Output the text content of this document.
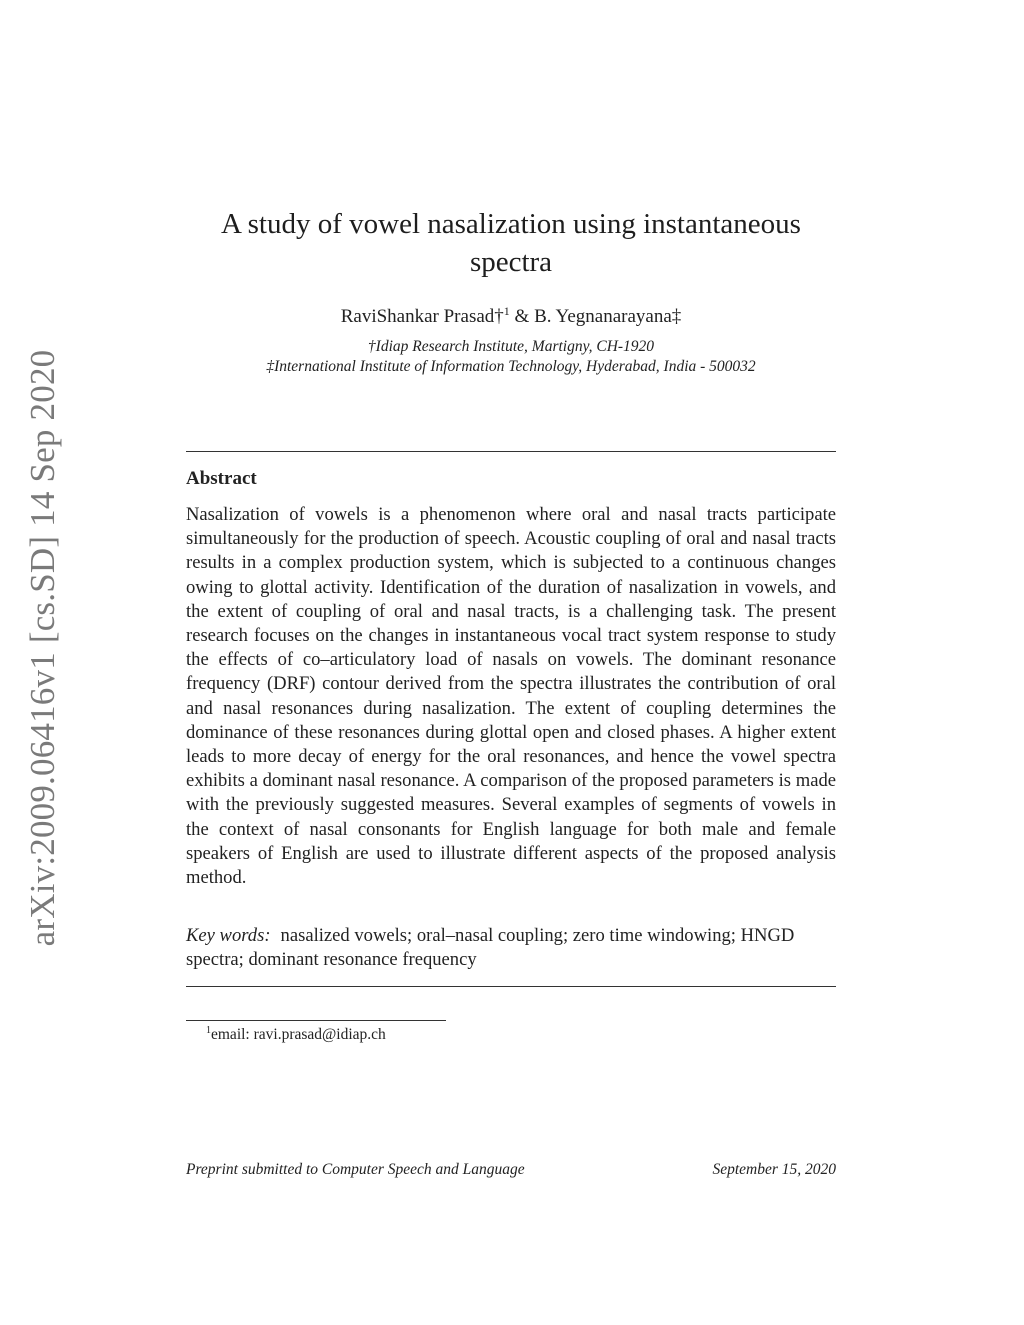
arXiv:2009.06416v1 [cs.SD] 14 Sep 2020
A study of vowel nasalization using instantaneous
spectra
RaviShankar Prasad†$^1$ & B. Yegnanarayana‡
†Idiap Research Institute, Martigny, CH-1920
‡International Institute of Information Technology, Hyderabad, India - 500032
Abstract
Nasalization of vowels is a phenomenon where oral and nasal tracts participate simultaneously for the production of speech. Acoustic coupling of oral and nasal tracts results in a complex production system, which is subjected to a continuous changes owing to glottal activity. Identification of the duration of nasalization in vowels, and the extent of coupling of oral and nasal tracts, is a challenging task. The present research focuses on the changes in instantaneous vocal tract system response to study the effects of co–articulatory load of nasals on vowels. The dominant resonance frequency (DRF) contour derived from the spectra illustrates the contribution of oral and nasal resonances during nasalization. The extent of coupling determines the dominance of these resonances during glottal open and closed phases. A higher extent leads to more decay of energy for the oral resonances, and hence the vowel spectra exhibits a dominant nasal resonance. A comparison of the proposed parameters is made with the previously suggested measures. Several examples of segments of vowels in the context of nasal consonants for English language for both male and female speakers of English are used to illustrate different aspects of the proposed analysis method.
Key words: nasalized vowels; oral–nasal coupling; zero time windowing; HNGD spectra; dominant resonance frequency
$^1$email: ravi.prasad@idiap.ch
Preprint submitted to Computer Speech and Language	September 15, 2020
